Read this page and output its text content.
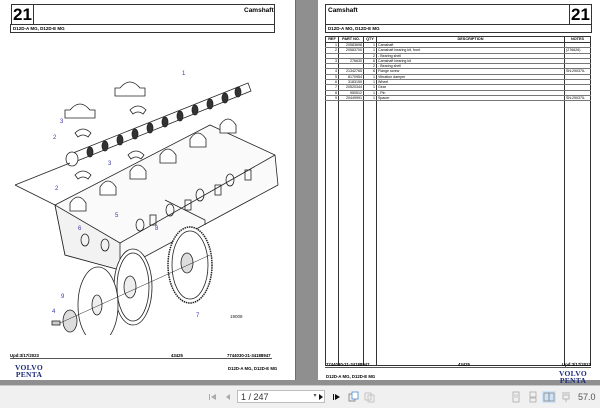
21	Camshaft
D12D-A MG, D12D-E MG
1
3
2
3
2
8
5
6
7
9
4
19008
Upd:3/17/2023	43425	7744030-21-34188947
D12D-A MG, D12D-E MG
VOLVO
PENTA
Camshaft	21
D12D-A MG, D12D-E MG
REF	PART NO.	QTY	DESCRIPTION	NOTES
1	20583698	1	Camshaft	
2	20583700	1	Camshaft bearing kit, front	(276626)
		2	- Bearing shell	
3	276630	6	Camshaft bearing kit	
		2	- Bearing shell	
4	21342765	6	Flange screw	SN:29037IL
5	8170954	1	Vibration damper	
6	3183150	1	Wheel	
7	20520344	1	Gear	
8	950512	1	- Pin	
9	20449991	1	Spacer	SN:29037IL

7744030-21-34188947	43425	Upd:3/17/2023
D12D-A MG, D12D-E MG	VOLVO
PENTA
1 / 247	▾	57.0
